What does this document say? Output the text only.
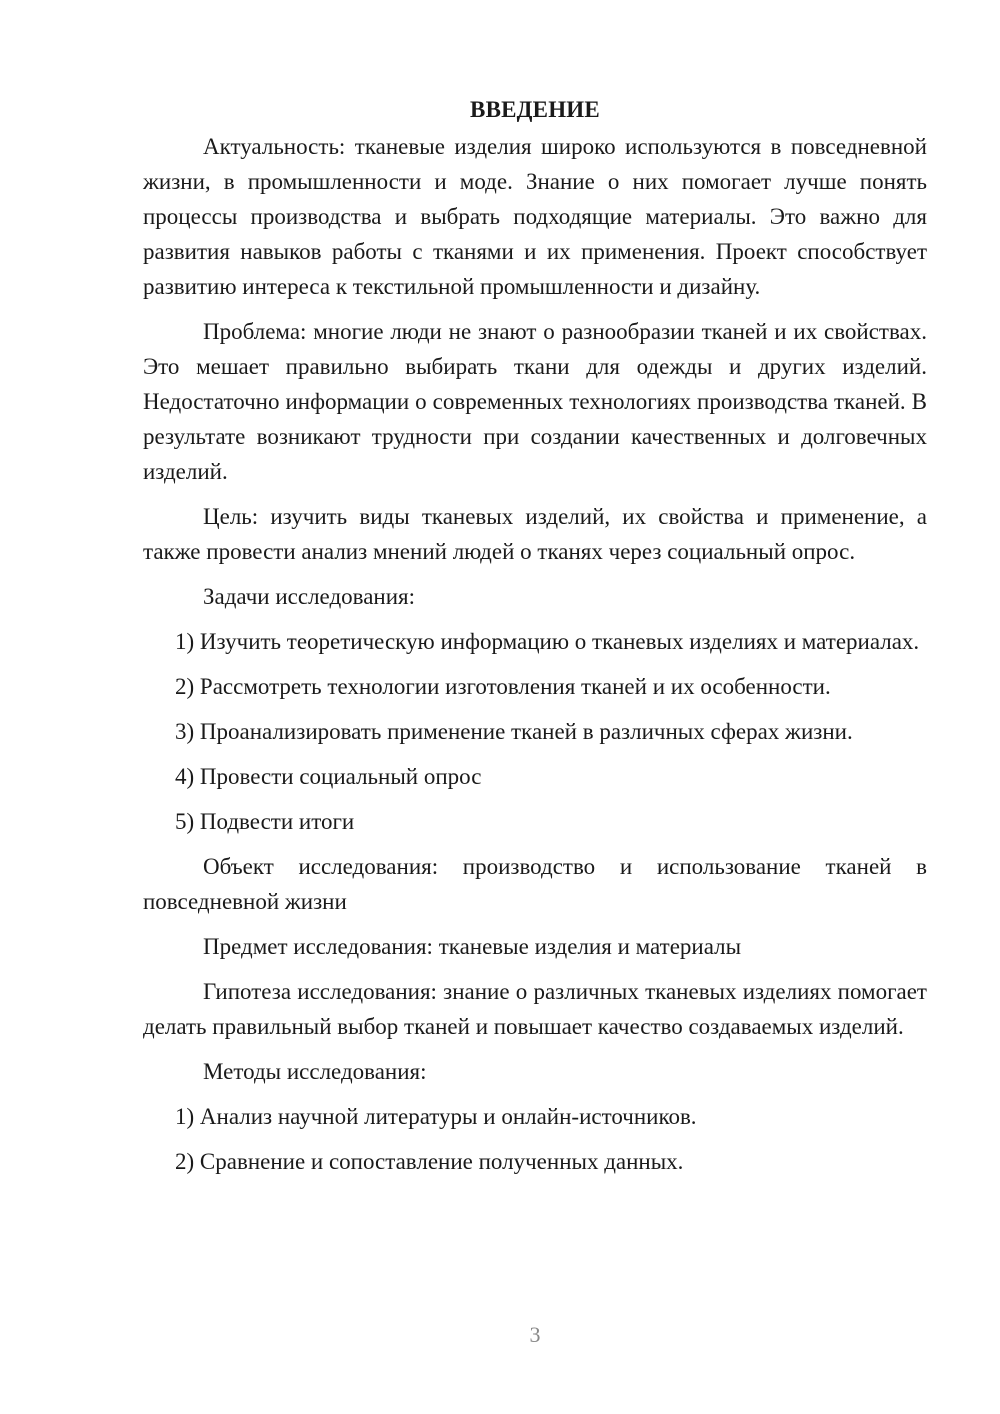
ВВЕДЕНИЕ

Актуальность: тканевые изделия широко используются в повседневной жизни, в промышленности и моде. Знание о них помогает лучше понять процессы производства и выбрать подходящие материалы. Это важно для развития навыков работы с тканями и их применения. Проект способствует развитию интереса к текстильной промышленности и дизайну.

Проблема: многие люди не знают о разнообразии тканей и их свойствах. Это мешает правильно выбирать ткани для одежды и других изделий. Недостаточно информации о современных технологиях производства тканей. В результате возникают трудности при создании качественных и долговечных изделий.

Цель: изучить виды тканевых изделий, их свойства и применение, а также провести анализ мнений людей о тканях через социальный опрос.

Задачи исследования:

1) Изучить теоретическую информацию о тканевых изделиях и материалах.

2) Рассмотреть технологии изготовления тканей и их особенности.

3) Проанализировать применение тканей в различных сферах жизни.

4) Провести социальный опрос

5) Подвести итоги

Объект исследования: производство и использование тканей в повседневной жизни

Предмет исследования: тканевые изделия и материалы

Гипотеза исследования: знание о различных тканевых изделиях помогает делать правильный выбор тканей и повышает качество создаваемых изделий.

Методы исследования:

1) Анализ научной литературы и онлайн-источников.

2) Сравнение и сопоставление полученных данных.

3
